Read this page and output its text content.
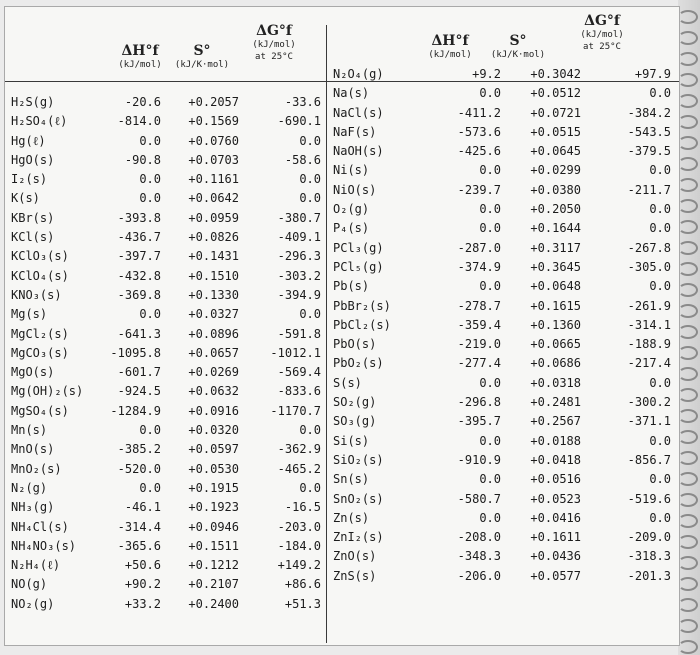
ΔH°f
(kJ/mol)
S°
(kJ/K·mol)
ΔG°f
(kJ/mol)
at 25°C
ΔH°f
(kJ/mol)
S°
(kJ/K·mol)
ΔG°f
(kJ/mol)
at 25°C
H₂S(g)	-20.6 +0.2057	-33.6
H₂SO₄(ℓ)	-814.0 +0.1569	-690.1
Hg(ℓ)	0.0 +0.0760	0.0
HgO(s)	-90.8 +0.0703	-58.6
I₂(s)	0.0 +0.1161	0.0
K(s)	0.0 +0.0642	0.0
KBr(s)	-393.8 +0.0959	-380.7
KCl(s)	-436.7 +0.0826	-409.1
KClO₃(s)	-397.7 +0.1431	-296.3
KClO₄(s)	-432.8 +0.1510	-303.2
KNO₃(s)	-369.8 +0.1330	-394.9
Mg(s)	0.0 +0.0327	0.0
MgCl₂(s)	-641.3 +0.0896	-591.8
MgCO₃(s)	-1095.8 +0.0657	-1012.1
MgO(s)	-601.7 +0.0269	-569.4
Mg(OH)₂(s)	-924.5 +0.0632	-833.6
MgSO₄(s)	-1284.9 +0.0916	-1170.7
Mn(s)	0.0 +0.0320	0.0
MnO(s)	-385.2 +0.0597	-362.9
MnO₂(s)	-520.0 +0.0530	-465.2
N₂(g)	0.0 +0.1915	0.0
NH₃(g)	-46.1 +0.1923	-16.5
NH₄Cl(s)	-314.4 +0.0946	-203.0
NH₄NO₃(s)	-365.6 +0.1511	-184.0
N₂H₄(ℓ)	+50.6 +0.1212	+149.2
NO(g)	+90.2 +0.2107	+86.6
NO₂(g)	+33.2 +0.2400	+51.3
N₂O₄(g)	+9.2 +0.3042	+97.9
Na(s)	0.0 +0.0512	0.0
NaCl(s)	-411.2 +0.0721	-384.2
NaF(s)	-573.6 +0.0515	-543.5
NaOH(s)	-425.6 +0.0645	-379.5
Ni(s)	0.0 +0.0299	0.0
NiO(s)	-239.7 +0.0380	-211.7
O₂(g)	0.0 +0.2050	0.0
P₄(s)	0.0 +0.1644	0.0
PCl₃(g)	-287.0 +0.3117	-267.8
PCl₅(g)	-374.9 +0.3645	-305.0
Pb(s)	0.0 +0.0648	0.0
PbBr₂(s)	-278.7 +0.1615	-261.9
PbCl₂(s)	-359.4 +0.1360	-314.1
PbO(s)	-219.0 +0.0665	-188.9
PbO₂(s)	-277.4 +0.0686	-217.4
S(s)	0.0 +0.0318	0.0
SO₂(g)	-296.8 +0.2481	-300.2
SO₃(g)	-395.7 +0.2567	-371.1
Si(s)	0.0 +0.0188	0.0
SiO₂(s)	-910.9 +0.0418	-856.7
Sn(s)	0.0 +0.0516	0.0
SnO₂(s)	-580.7 +0.0523	-519.6
Zn(s)	0.0 +0.0416	0.0
ZnI₂(s)	-208.0 +0.1611	-209.0
ZnO(s)	-348.3 +0.0436	-318.3
ZnS(s)	-206.0 +0.0577	-201.3
